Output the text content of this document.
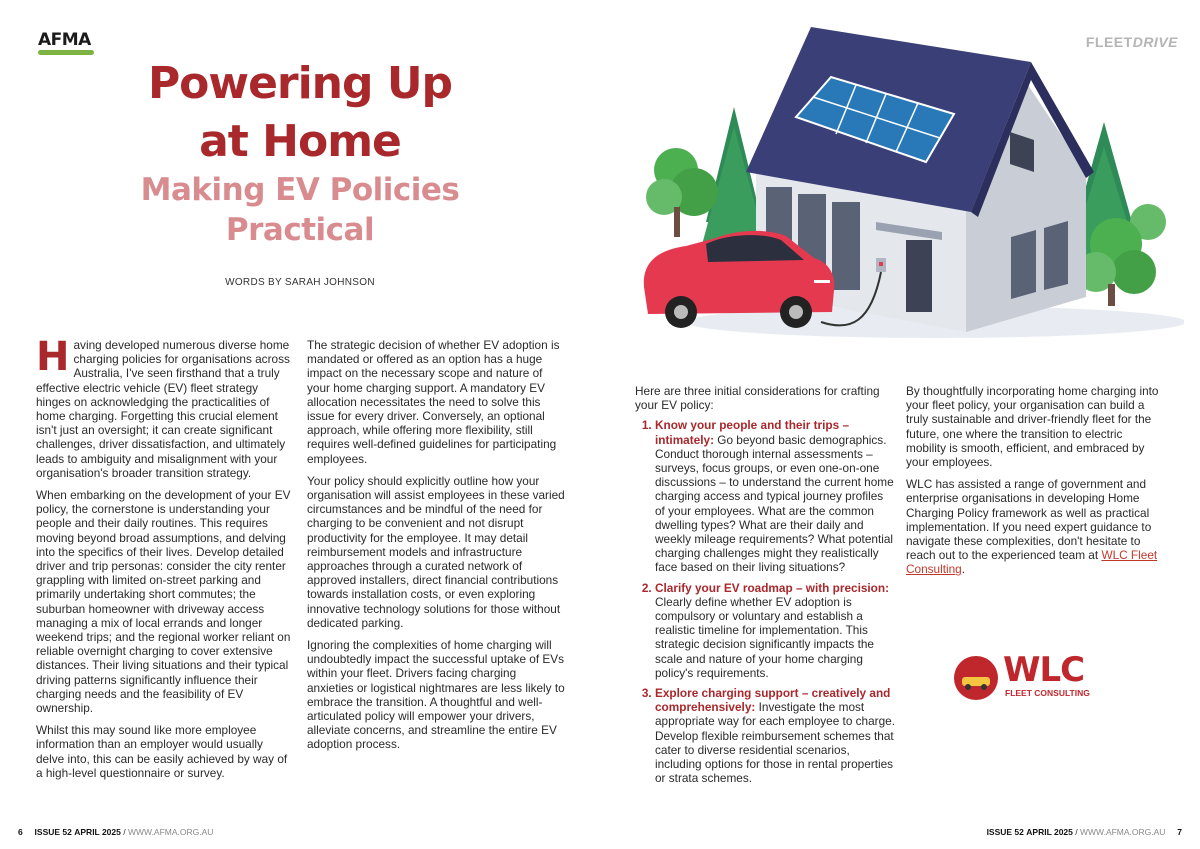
AFMA	FLEETDRIVE
Powering Up at Home
Making EV Policies Practical
WORDS BY SARAH JOHNSON

Having developed numerous diverse home charging policies for organisations across Australia, I've seen firsthand that a truly effective electric vehicle (EV) fleet strategy hinges on acknowledging the practicalities of home charging. Forgetting this crucial element isn't just an oversight; it can create significant challenges, driver dissatisfaction, and ultimately leads to ambiguity and misalignment with your organisation's broader transition strategy.

When embarking on the development of your EV policy, the cornerstone is understanding your people and their daily routines. This requires moving beyond broad assumptions, and delving into the specifics of their lives. Develop detailed driver and trip personas: consider the city renter grappling with limited on-street parking and primarily undertaking short commutes; the suburban homeowner with driveway access managing a mix of local errands and longer weekend trips; and the regional worker reliant on reliable overnight charging to cover extensive distances. Their living situations and their typical driving patterns significantly influence their charging needs and the feasibility of EV ownership.

Whilst this may sound like more employee information than an employer would usually delve into, this can be easily achieved by way of a high-level questionnaire or survey.

The strategic decision of whether EV adoption is mandated or offered as an option has a huge impact on the necessary scope and nature of your home charging support. A mandatory EV allocation necessitates the need to solve this issue for every driver. Conversely, an optional approach, while offering more flexibility, still requires well-defined guidelines for participating employees.

Your policy should explicitly outline how your organisation will assist employees in these varied circumstances and be mindful of the need for charging to be convenient and not disrupt productivity for the employee. It may detail reimbursement models and infrastructure approaches through a curated network of approved installers, direct financial contributions towards installation costs, or even exploring innovative technology solutions for those without dedicated parking.

Ignoring the complexities of home charging will undoubtedly impact the successful uptake of EVs within your fleet. Drivers facing charging anxieties or logistical nightmares are less likely to embrace the transition. A thoughtful and well-articulated policy will empower your drivers, alleviate concerns, and streamline the entire EV adoption process.

Here are three initial considerations for crafting your EV policy:

1. Know your people and their trips – intimately: Go beyond basic demographics. Conduct thorough internal assessments – surveys, focus groups, or even one-on-one discussions – to understand the current home charging access and typical journey profiles of your employees. What are the common dwelling types? What are their daily and weekly mileage requirements? What potential charging challenges might they realistically face based on their living situations?
2. Clarify your EV roadmap – with precision: Clearly define whether EV adoption is compulsory or voluntary and establish a realistic timeline for implementation. This strategic decision significantly impacts the scale and nature of your home charging policy's requirements.
3. Explore charging support – creatively and comprehensively: Investigate the most appropriate way for each employee to charge. Develop flexible reimbursement schemes that cater to diverse residential scenarios, including options for those in rental properties or strata schemes.

By thoughtfully incorporating home charging into your fleet policy, your organisation can build a truly sustainable and driver-friendly fleet for the future, one where the transition to electric mobility is smooth, efficient, and embraced by your employees.

WLC has assisted a range of government and enterprise organisations in developing Home Charging Policy framework as well as practical implementation. If you need expert guidance to navigate these complexities, don't hesitate to reach out to the experienced team at WLC Fleet Consulting.

WLC
FLEET CONSULTING
6 ISSUE 52 APRIL 2025 / WWW.AFMA.ORG.AU	ISSUE 52 APRIL 2025 / WWW.AFMA.ORG.AU 7
